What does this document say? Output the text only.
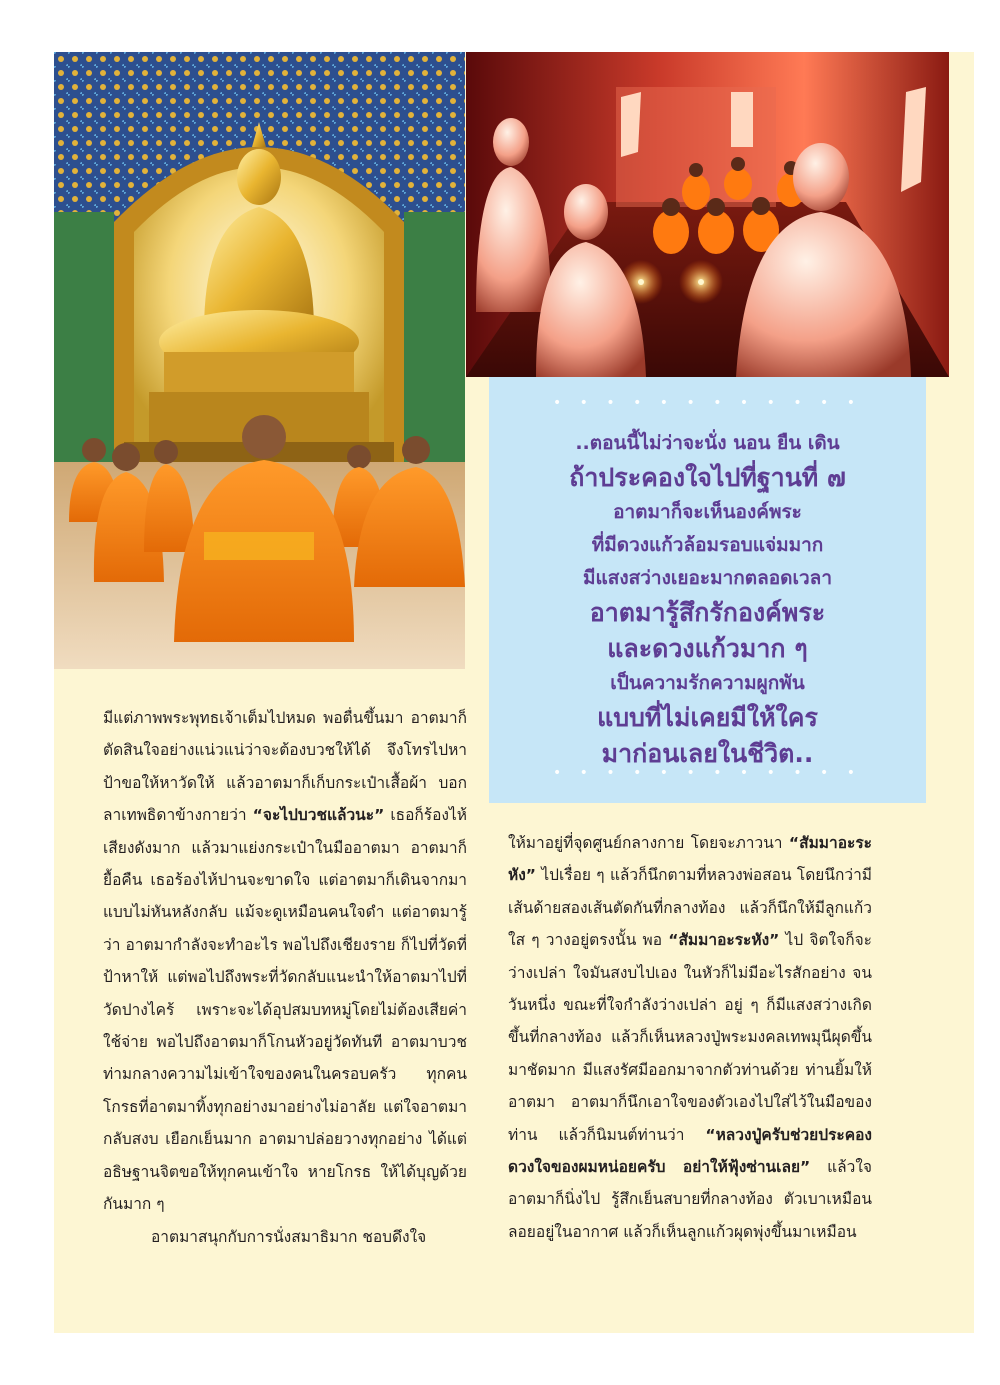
• • • • • • • • • • • •
..ตอนนี้ไม่ว่าจะนั่ง นอน ยืน เดิน
ถ้าประคองใจไปที่ฐานที่ ๗
อาตมาก็จะเห็นองค์พระ
ที่มีดวงแก้วล้อมรอบแจ่มมาก
มีแสงสว่างเยอะมากตลอดเวลา
อาตมารู้สึกรักองค์พระ
และดวงแก้วมาก ๆ
เป็นความรักความผูกพัน
แบบที่ไม่เคยมีให้ใคร
มาก่อนเลยในชีวิต..
• • • • • • • • • • • •

มีแต่ภาพพระพุทธเจ้าเต็มไปหมด พอตื่นขึ้นมา อาตมาก็ตัดสินใจอย่างแน่วแน่ว่าจะต้องบวชให้ได้ จึงโทรไปหาป้าขอให้หาวัดให้ แล้วอาตมาก็เก็บกระเป๋าเสื้อผ้า บอกลาเทพธิดาข้างกายว่า “จะไปบวชแล้วนะ” เธอก็ร้องไห้เสียงดังมาก แล้วมาแย่งกระเป๋าในมืออาตมา อาตมาก็ยื้อคืน เธอร้องไห้ปานจะขาดใจ แต่อาตมาก็เดินจากมาแบบไม่หันหลังกลับ แม้จะดูเหมือนคนใจดำ แต่อาตมารู้ว่า อาตมากำลังจะทำอะไร พอไปถึงเชียงราย ก็ไปที่วัดที่ป้าหาให้ แต่พอไปถึงพระที่วัดกลับแนะนำให้อาตมาไปที่วัดปางไคร้ เพราะจะได้อุปสมบทหมู่โดยไม่ต้องเสียค่าใช้จ่าย พอไปถึงอาตมาก็โกนหัวอยู่วัดทันที อาตมาบวชท่ามกลางความไม่เข้าใจของคนในครอบครัว ทุกคนโกรธที่อาตมาทิ้งทุกอย่างมาอย่างไม่อาลัย แต่ใจอาตมากลับสงบ เยือกเย็นมาก อาตมาปล่อยวางทุกอย่าง ได้แต่อธิษฐานจิตขอให้ทุกคนเข้าใจ หายโกรธ ให้ได้บุญด้วยกันมาก ๆ

อาตมาสนุกกับการนั่งสมาธิมาก ชอบดึงใจ

ให้มาอยู่ที่จุดศูนย์กลางกาย โดยจะภาวนา “สัมมาอะระหัง” ไปเรื่อย ๆ แล้วก็นึกตามที่หลวงพ่อสอน โดยนึกว่ามีเส้นด้ายสองเส้นตัดกันที่กลางท้อง แล้วก็นึกให้มีลูกแก้วใส ๆ วางอยู่ตรงนั้น พอ “สัมมาอะระหัง” ไป จิตใจก็จะว่างเปล่า ใจมันสงบไปเอง ในหัวก็ไม่มีอะไรสักอย่าง จนวันหนึ่ง ขณะที่ใจกำลังว่างเปล่า อยู่ ๆ ก็มีแสงสว่างเกิดขึ้นที่กลางท้อง แล้วก็เห็นหลวงปู่พระมงคลเทพมุนีผุดขึ้นมาชัดมาก มีแสงรัศมีออกมาจากตัวท่านด้วย ท่านยิ้มให้อาตมา อาตมาก็นึกเอาใจของตัวเองไปใส่ไว้ในมือของท่าน แล้วก็นิมนต์ท่านว่า “หลวงปู่ครับช่วยประคองดวงใจของผมหน่อยครับ อย่าให้ฟุ้งซ่านเลย” แล้วใจอาตมาก็นิ่งไป รู้สึกเย็นสบายที่กลางท้อง ตัวเบาเหมือนลอยอยู่ในอากาศ แล้วก็เห็นลูกแก้วผุดพุ่งขึ้นมาเหมือน
